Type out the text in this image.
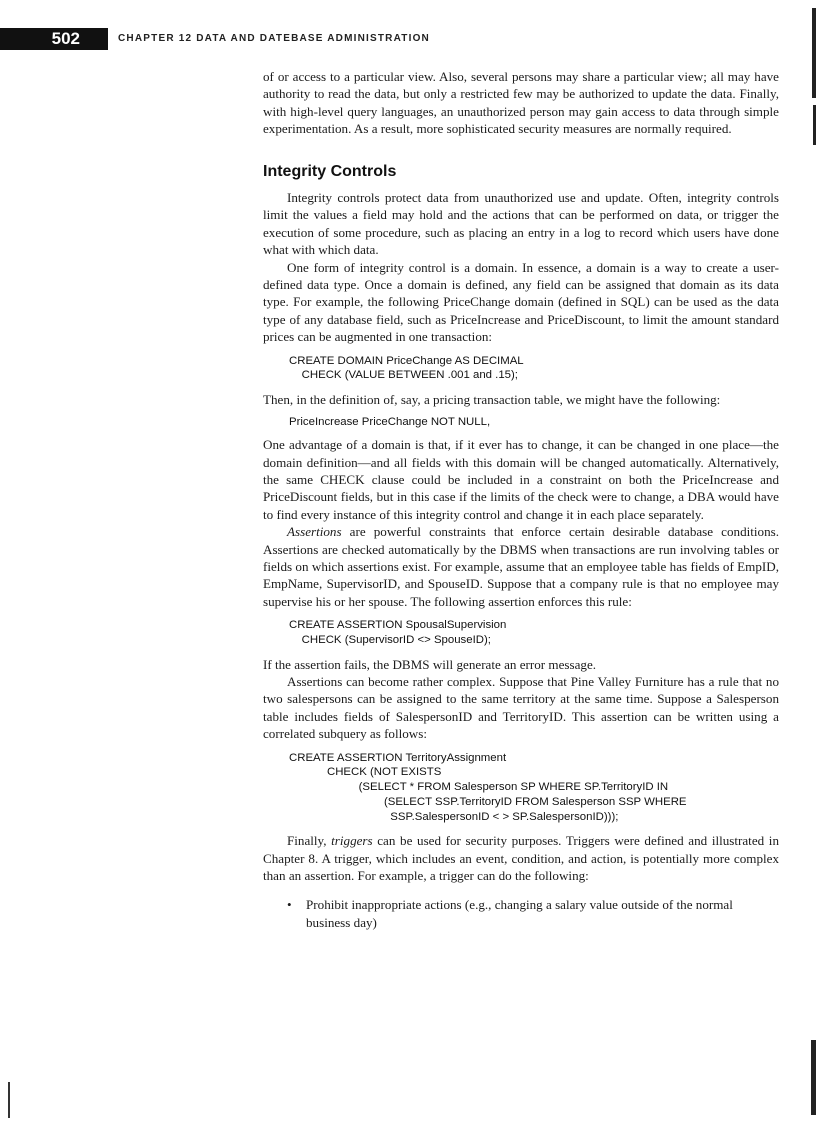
502	CHAPTER 12 DATA AND DATEBASE ADMINISTRATION

of or access to a particular view. Also, several persons may share a particular view; all may have authority to read the data, but only a restricted few may be authorized to update the data. Finally, with high-level query languages, an unauthorized person may gain access to data through simple experimentation. As a result, more sophisticated security measures are normally required.

Integrity Controls

Integrity controls protect data from unauthorized use and update. Often, integrity controls limit the values a field may hold and the actions that can be performed on data, or trigger the execution of some procedure, such as placing an entry in a log to record which users have done what with which data.

One form of integrity control is a domain. In essence, a domain is a way to create a user-defined data type. Once a domain is defined, any field can be assigned that domain as its data type. For example, the following PriceChange domain (defined in SQL) can be used as the data type of any database field, such as PriceIncrease and PriceDiscount, to limit the amount standard prices can be augmented in one transaction:

CREATE DOMAIN PriceChange AS DECIMAL
CHECK (VALUE BETWEEN .001 and .15);

Then, in the definition of, say, a pricing transaction table, we might have the following:

PriceIncrease PriceChange NOT NULL,

One advantage of a domain is that, if it ever has to change, it can be changed in one place—the domain definition—and all fields with this domain will be changed automatically. Alternatively, the same CHECK clause could be included in a constraint on both the PriceIncrease and PriceDiscount fields, but in this case if the limits of the check were to change, a DBA would have to find every instance of this integrity control and change it in each place separately.

Assertions are powerful constraints that enforce certain desirable database conditions. Assertions are checked automatically by the DBMS when transactions are run involving tables or fields on which assertions exist. For example, assume that an employee table has fields of EmpID, EmpName, SupervisorID, and SpouseID. Suppose that a company rule is that no employee may supervise his or her spouse. The following assertion enforces this rule:

CREATE ASSERTION SpousalSupervision
CHECK (SupervisorID <> SpouseID);

If the assertion fails, the DBMS will generate an error message.

Assertions can become rather complex. Suppose that Pine Valley Furniture has a rule that no two salespersons can be assigned to the same territory at the same time. Suppose a Salesperson table includes fields of SalespersonID and TerritoryID. This assertion can be written using a correlated subquery as follows:

CREATE ASSERTION TerritoryAssignment
CHECK (NOT EXISTS
(SELECT * FROM Salesperson SP WHERE SP.TerritoryID IN
(SELECT SSP.TerritoryID FROM Salesperson SSP WHERE
SSP.SalespersonID < > SP.SalespersonID)));

Finally, triggers can be used for security purposes. Triggers were defined and illustrated in Chapter 8. A trigger, which includes an event, condition, and action, is potentially more complex than an assertion. For example, a trigger can do the following:

• Prohibit inappropriate actions (e.g., changing a salary value outside of the normal business day)
